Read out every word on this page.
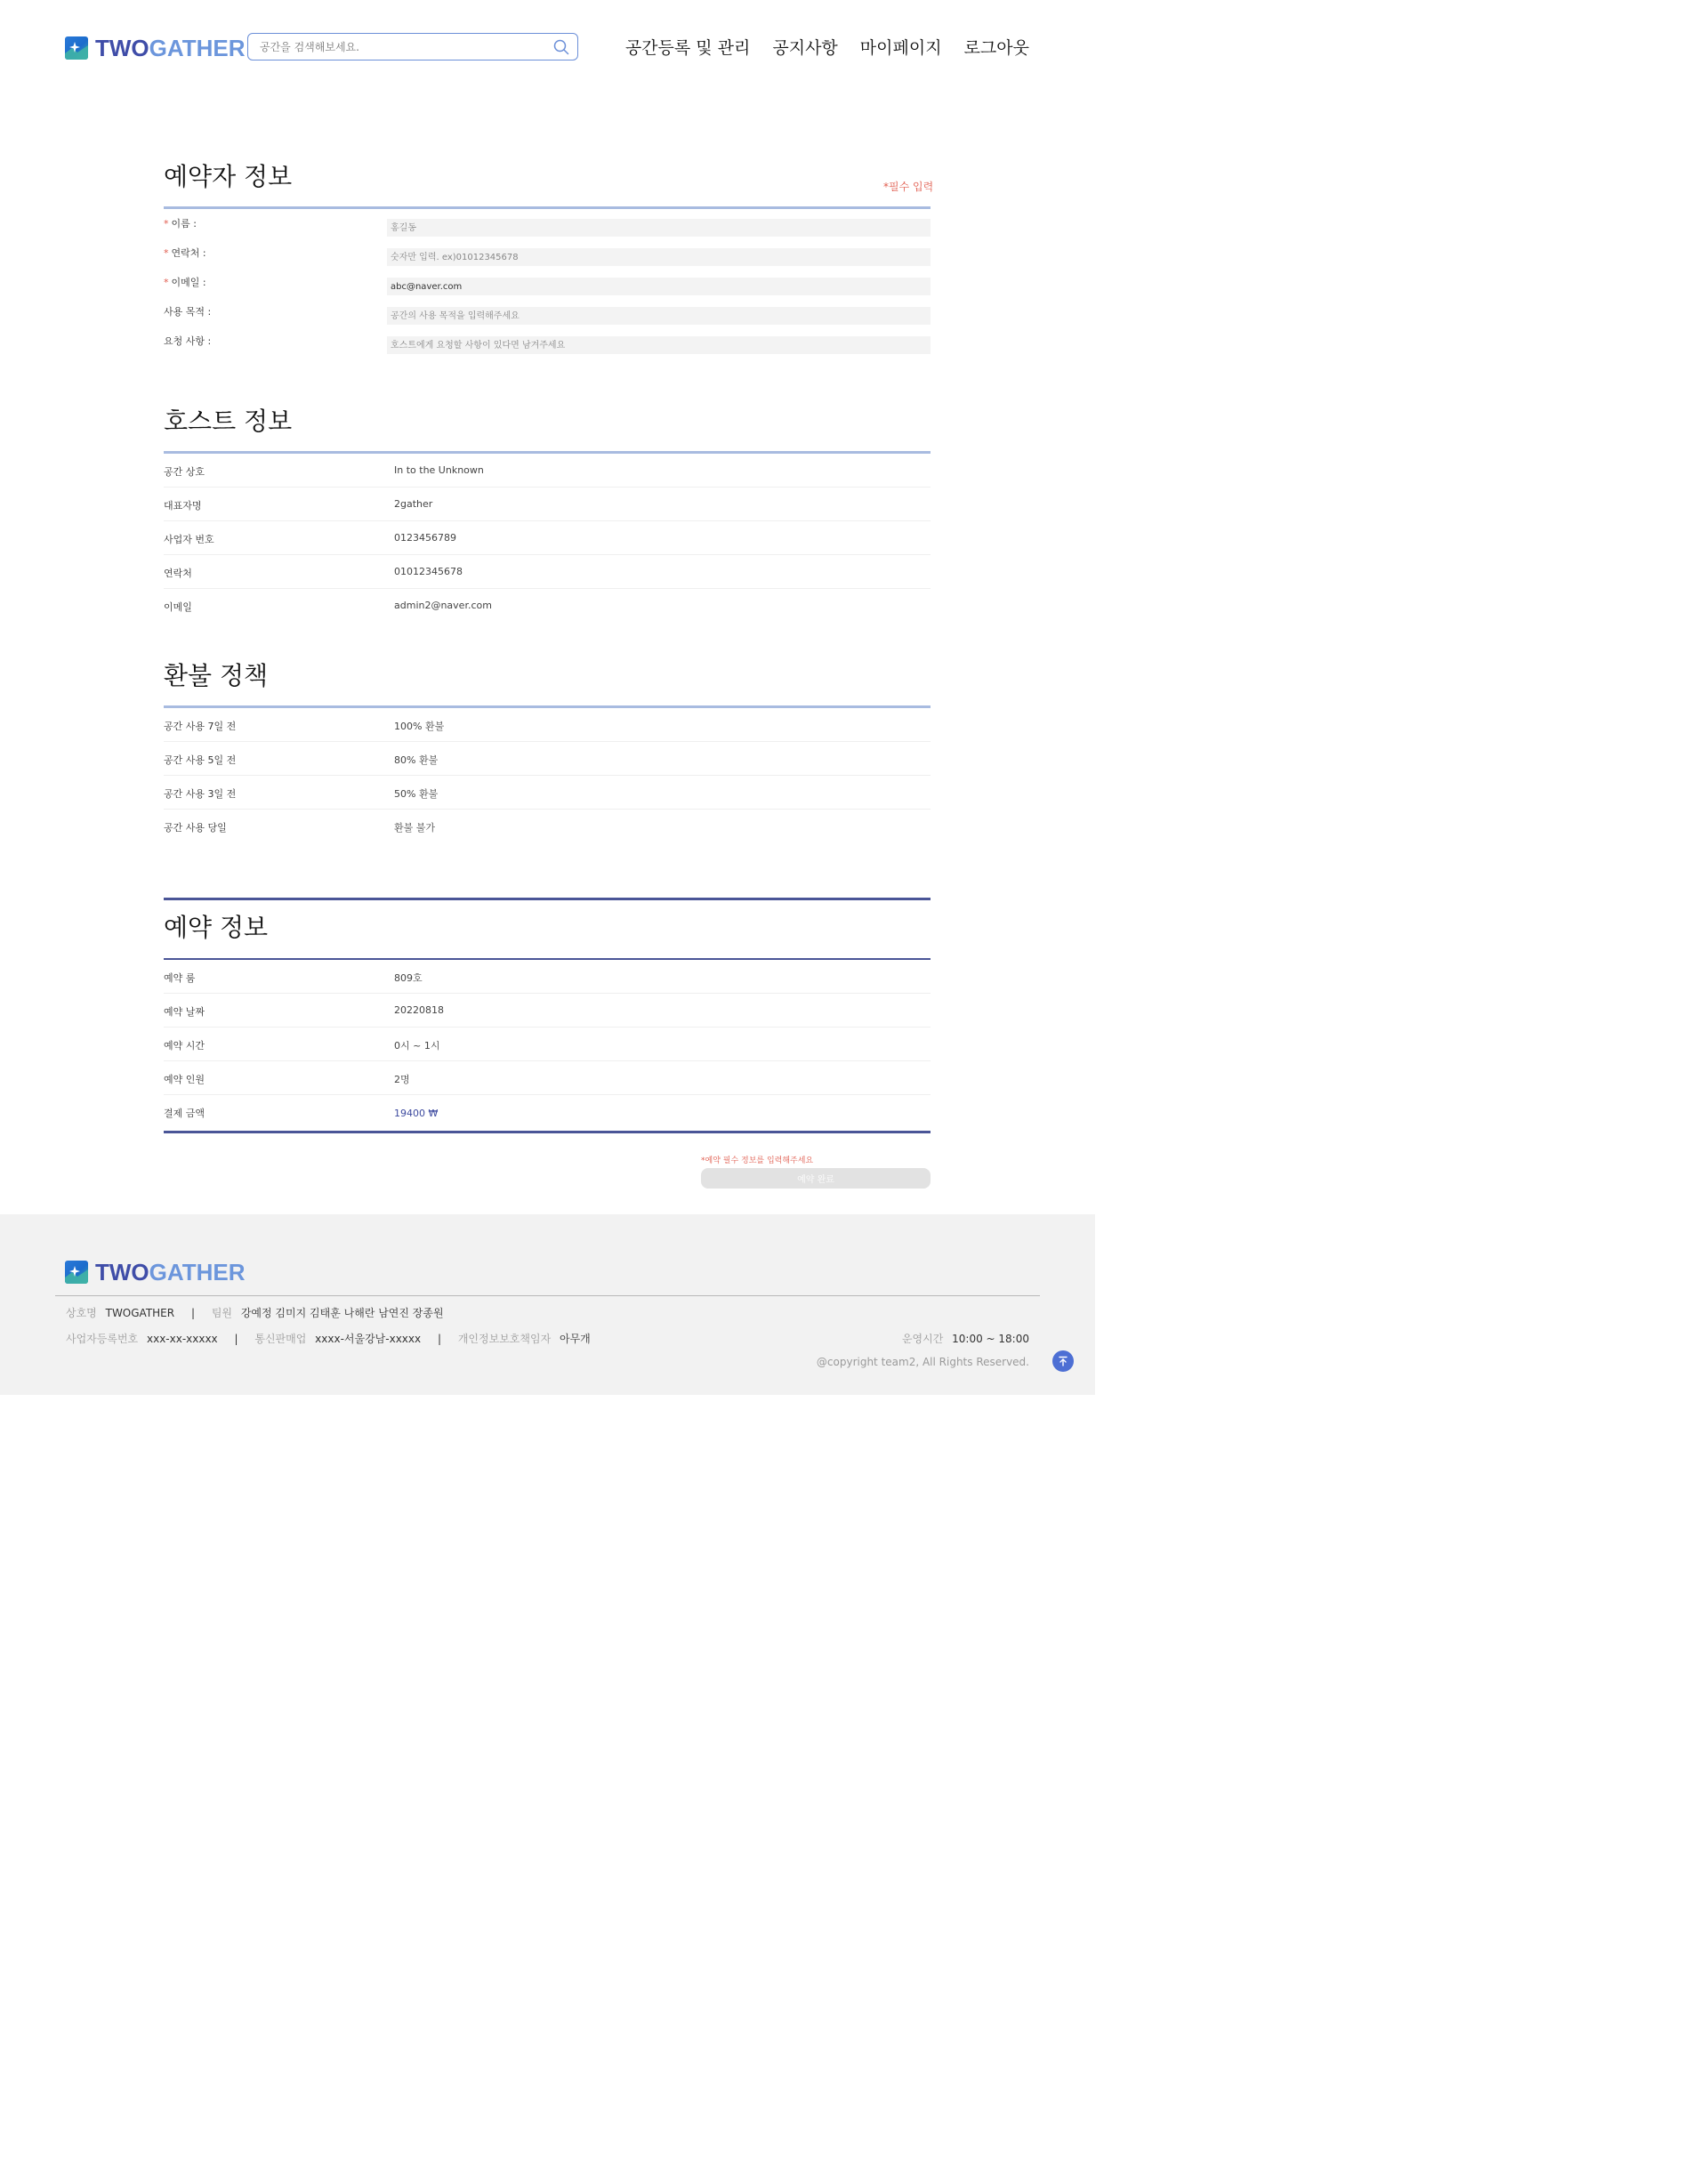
TWOGATHER
공간을 검색해보세요.	공간등록 및 관리 공지사항 마이페이지 로그아웃
예약자 정보
* 이름 :
홍길동
* 연락처 :
숫자만 입력. ex)01012345678
* 이메일 :
abc@naver.com
사용 목적 :
공간의 사용 목적을 입력해주세요
요청 사항 :
호스트에게 요청할 사항이 있다면 남겨주세요
*필수 입력
호스트 정보
공간 상호	In to the Unknown
대표자명	2gather
사업자 번호	0123456789
연락처	01012345678
이메일	admin2@naver.com
환불 정책
공간 사용 7일 전	100% 환불
공간 사용 5일 전	80% 환불
공간 사용 3일 전	50% 환불
공간 사용 당일	환불 불가
예약 정보
예약 룸	809호
예약 날짜	20220818
예약 시간	0시 ~ 1시
예약 인원	2명
결제 금액	19400 ₩
*예약 필수 정보를 입력해주세요
예약 완료
TWOGATHER
상호명 TWOGATHER | 팀원 강예정 김미지 김태훈 나해란 남연진 장종원
사업자등록번호 xxx-xx-xxxxx | 통신판매업 xxxx-서울강남-xxxxx | 개인정보보호책임자 아무개	운영시간 10:00 ~ 18:00
@copyright team2, All Rights Reserved.
